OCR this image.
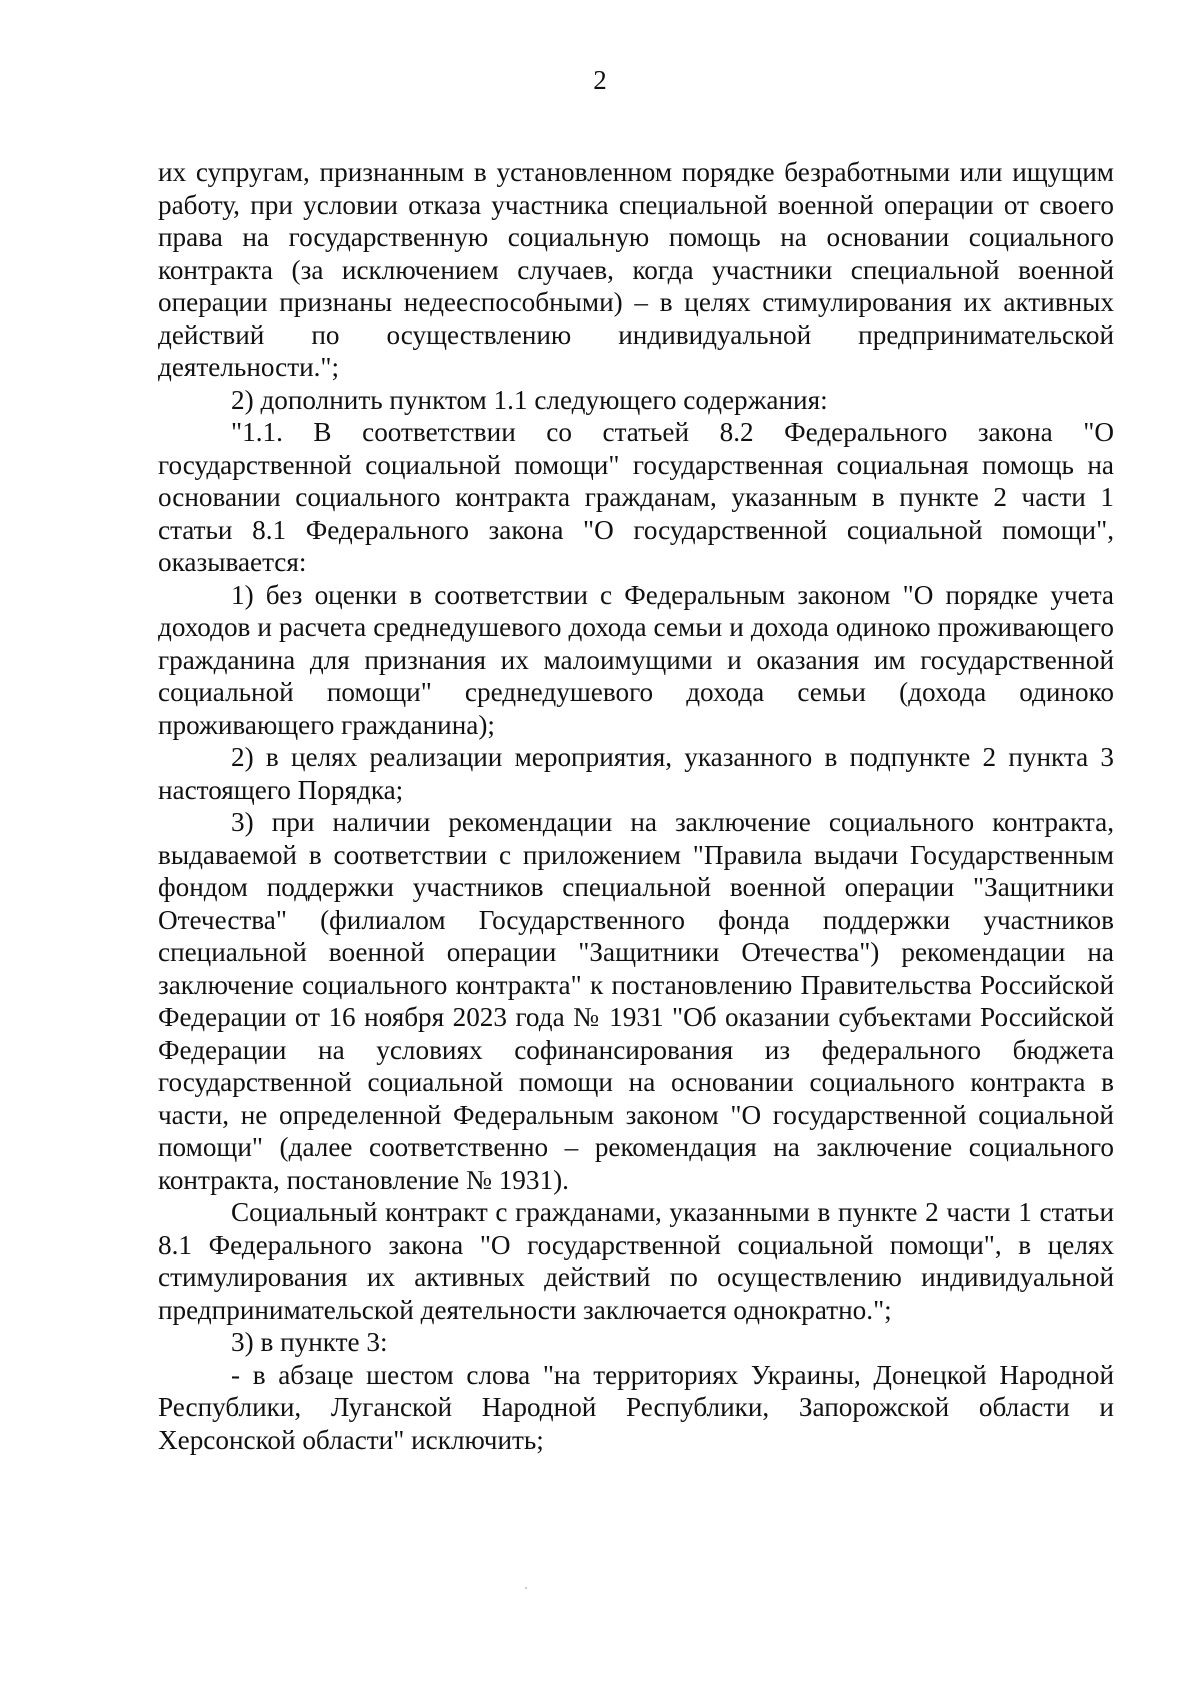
2

их супругам, признанным в установленном порядке безработными или ищущим работу, при условии отказа участника специальной военной операции от своего права на государственную социальную помощь на основании социального контракта (за исключением случаев, когда участники специальной военной операции признаны недееспособными) – в целях стимулирования их активных действий по осуществлению индивидуальной предпринимательской деятельности.";

2) дополнить пунктом 1.1 следующего содержания:

"1.1. В соответствии со статьей 8.2 Федерального закона "О государственной социальной помощи" государственная социальная помощь на основании социального контракта гражданам, указанным в пункте 2 части 1 статьи 8.1 Федерального закона "О государственной социальной помощи", оказывается:

1) без оценки в соответствии с Федеральным законом "О порядке учета доходов и расчета среднедушевого дохода семьи и дохода одиноко проживающего гражданина для признания их малоимущими и оказания им государственной социальной помощи" среднедушевого дохода семьи (дохода одиноко проживающего гражданина);

2) в целях реализации мероприятия, указанного в подпункте 2 пункта 3 настоящего Порядка;

3) при наличии рекомендации на заключение социального контракта, выдаваемой в соответствии с приложением "Правила выдачи Государственным фондом поддержки участников специальной военной операции "Защитники Отечества" (филиалом Государственного фонда поддержки участников специальной военной операции "Защитники Отечества") рекомендации на заключение социального контракта" к постановлению Правительства Российской Федерации от 16 ноября 2023 года № 1931 "Об оказании субъектами Российской Федерации на условиях софинансирования из федерального бюджета государственной социальной помощи на основании социального контракта в части, не определенной Федеральным законом "О государственной социальной помощи" (далее соответственно – рекомендация на заключение социального контракта, постановление № 1931).

Социальный контракт с гражданами, указанными в пункте 2 части 1 статьи 8.1 Федерального закона "О государственной социальной помощи", в целях стимулирования их активных действий по осуществлению индивидуальной предпринимательской деятельности заключается однократно.";

3) в пункте 3:

- в абзаце шестом слова "на территориях Украины, Донецкой Народной Республики, Луганской Народной Республики, Запорожской области и Херсонской области" исключить;
